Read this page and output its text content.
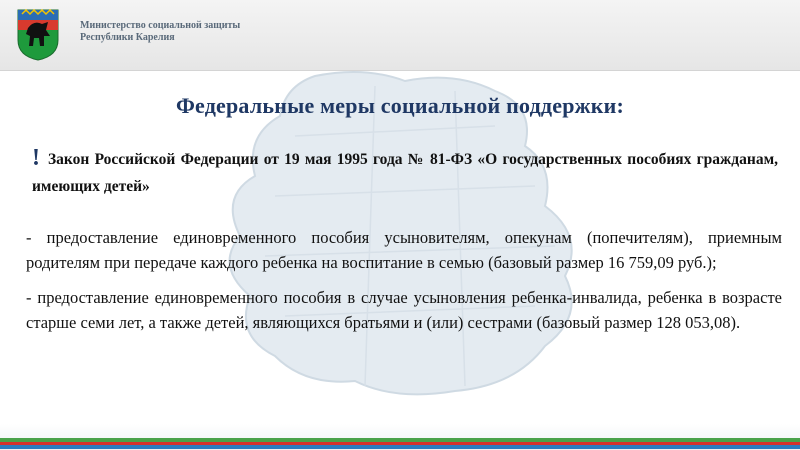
Министерство социальной защиты
Республики Карелия
Федеральные меры социальной поддержки:
! Закон Российской Федерации от 19 мая 1995 года № 81-ФЗ «О государственных пособиях гражданам, имеющих детей»
- предоставление единовременного пособия усыновителям, опекунам (попечителям), приемным родителям при передаче каждого ребенка на воспитание в семью (базовый размер 16 759,09 руб.);
- предоставление единовременного пособия в случае усыновления ребенка-инвалида, ребенка в возрасте старше семи лет, а также детей, являющихся братьями и (или) сестрами (базовый размер 128 053,08).
